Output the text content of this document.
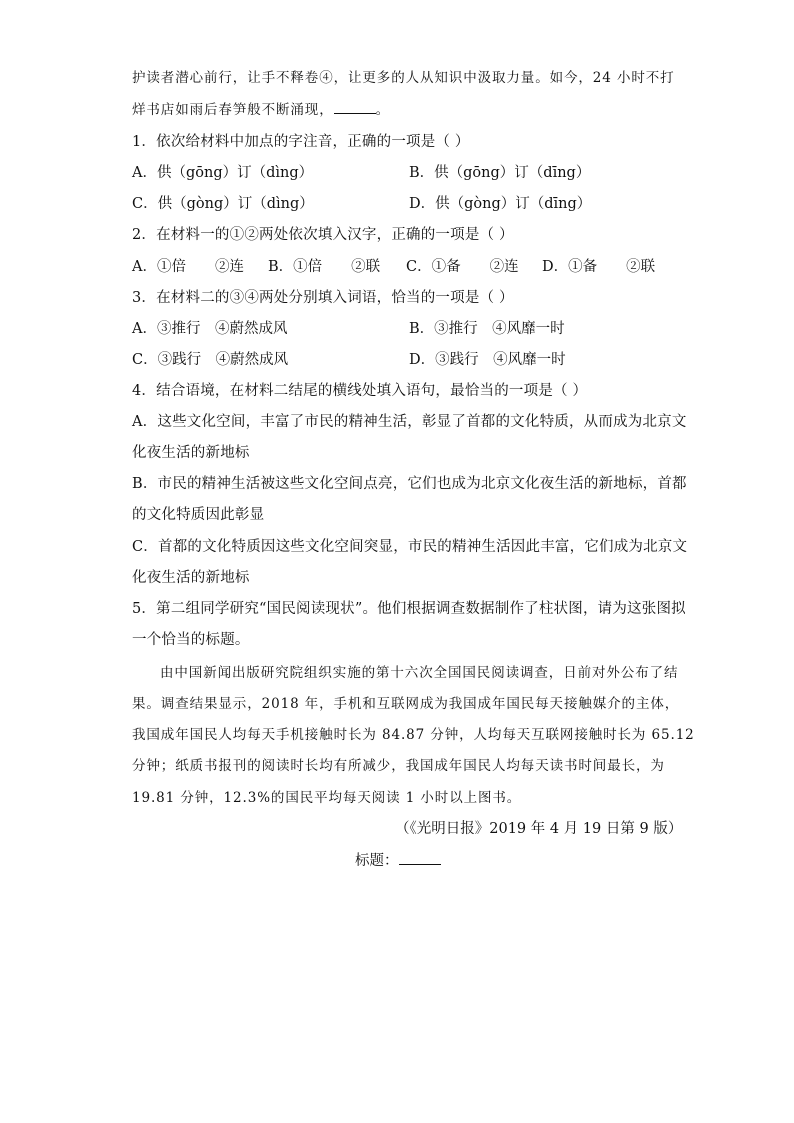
护读者潜心前行，让手不释卷④，让更多的人从知识中汲取力量。如今，24 小时不打
烊书店如雨后春笋般不断涌现，	。
1．依次给材料中加点的字注音，正确的一项是（ ）
A．供（gōng）订（dìng）	B．供（gōng）订（dīng）
C．供（gòng）订（dìng）	D．供（gòng）订（dīng）
2．在材料一的①②两处依次填入汉字，正确的一项是（ ）
A．①倍　　②连 B．①倍　　②联 C．①备　　②连 D．①备　　②联
3．在材料二的③④两处分别填入词语，恰当的一项是（ ）
A．③推行　④蔚然成风	B．③推行　④风靡一时
C．③践行　④蔚然成风	D．③践行　④风靡一时
4．结合语境，在材料二结尾的横线处填入语句，最恰当的一项是（ ）
A．这些文化空间，丰富了市民的精神生活，彰显了首都的文化特质，从而成为北京文
化夜生活的新地标
B．市民的精神生活被这些文化空间点亮，它们也成为北京文化夜生活的新地标，首都
的文化特质因此彰显
C．首都的文化特质因这些文化空间突显，市民的精神生活因此丰富，它们成为北京文
化夜生活的新地标
5．第二组同学研究“国民阅读现状”。他们根据调查数据制作了柱状图，请为这张图拟
一个恰当的标题。
由中国新闻出版研究院组织实施的第十六次全国国民阅读调查，日前对外公布了结
果。调查结果显示，2018 年，手机和互联网成为我国成年国民每天接触媒介的主体，
我国成年国民人均每天手机接触时长为 84.87 分钟，人均每天互联网接触时长为 65.12
分钟；纸质书报刊的阅读时长均有所减少，我国成年国民人均每天读书时间最长，为
19.81 分钟，12.3%的国民平均每天阅读 1 小时以上图书。
（《光明日报》2019 年 4 月 19 日第 9 版）
标题：
